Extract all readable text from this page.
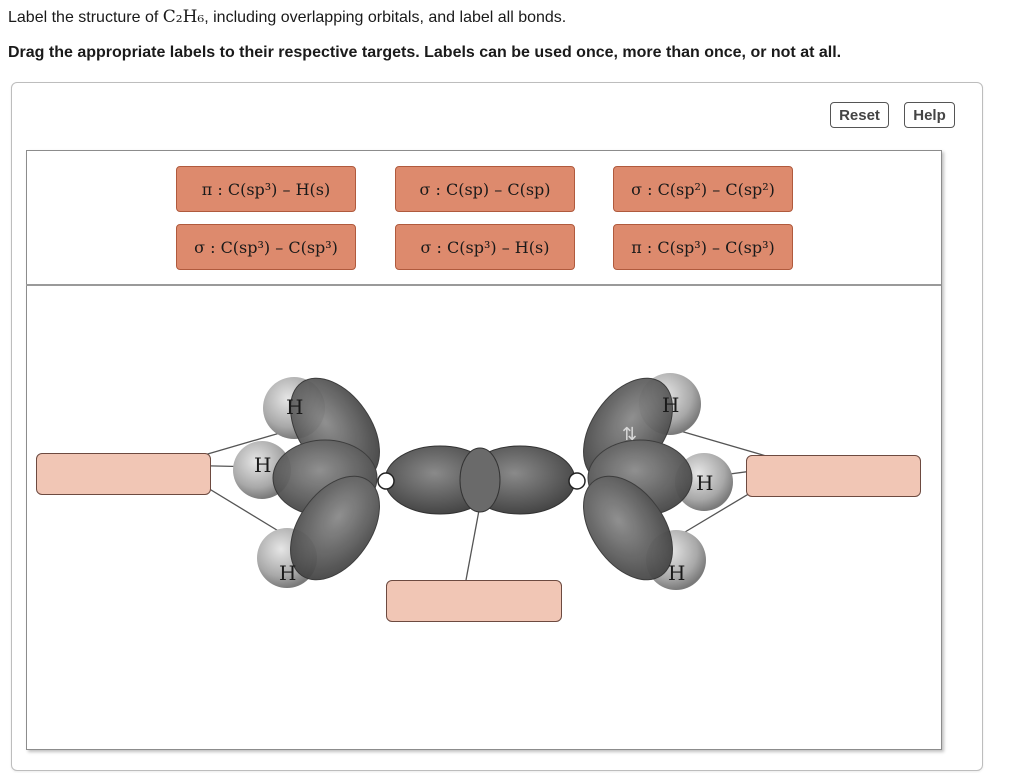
Label the structure of C₂H₆, including overlapping orbitals, and label all bonds.
Drag the appropriate labels to their respective targets. Labels can be used once, more than once, or not at all.
Reset	Help
π : C(sp³) – H(s)	σ : C(sp) – C(sp)	σ : C(sp²) – C(sp²)
σ : C(sp³) – C(sp³)	σ : C(sp³) – H(s)	π : C(sp³) – C(sp³)
H
H
H
H
H
H
⇅
